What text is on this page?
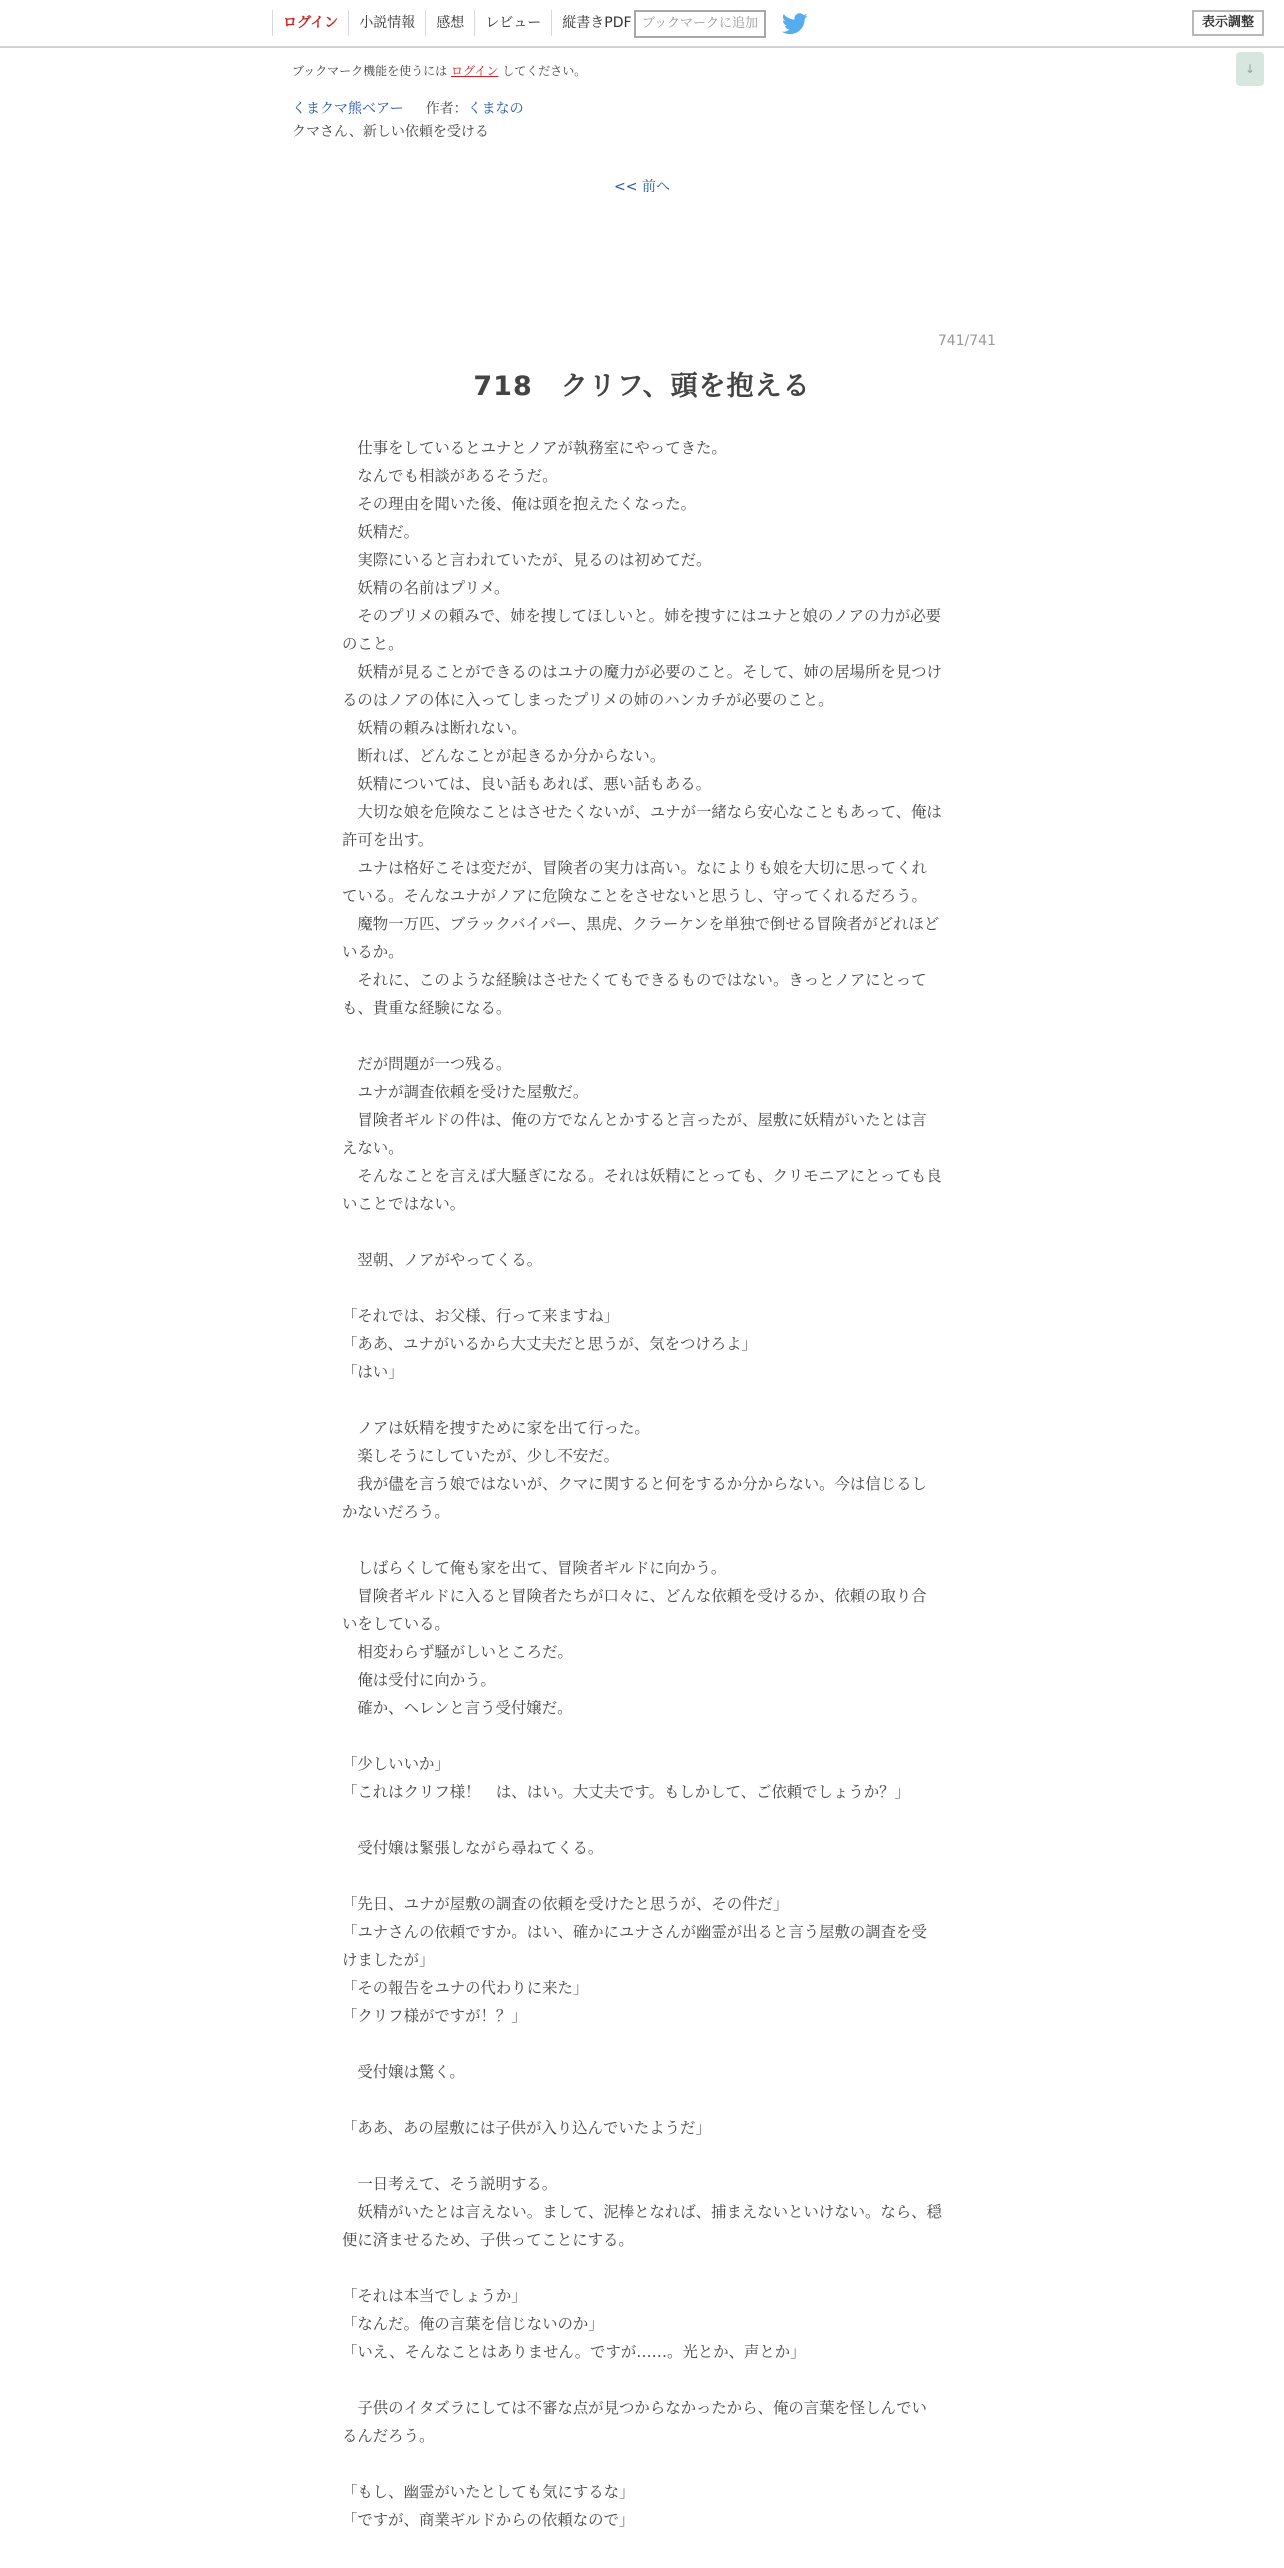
ログイン	小説情報	感想	レビュー	縦書きPDF ブックマークに追加	表示調整
↓
ブックマーク機能を使うには ログイン してください。
くまクマ熊ベアー 作者：くまなの
クマさん、新しい依頼を受ける
<< 前へ
741/741
718　クリフ、頭を抱える

　仕事をしているとユナとノアが執務室にやってきた。

　なんでも相談があるそうだ。

　その理由を聞いた後、俺は頭を抱えたくなった。

　妖精だ。

　実際にいると言われていたが、見るのは初めてだ。

　妖精の名前はプリメ。

　そのプリメの頼みで、姉を捜してほしいと。姉を捜すにはユナと娘のノアの力が必要のこと。

　妖精が見ることができるのはユナの魔力が必要のこと。そして、姉の居場所を見つけるのはノアの体に入ってしまったプリメの姉のハンカチが必要のこと。

　妖精の頼みは断れない。

　断れば、どんなことが起きるか分からない。

　妖精については、良い話もあれば、悪い話もある。

　大切な娘を危険なことはさせたくないが、ユナが一緒なら安心なこともあって、俺は許可を出す。

　ユナは格好こそは変だが、冒険者の実力は高い。なによりも娘を大切に思ってくれている。そんなユナがノアに危険なことをさせないと思うし、守ってくれるだろう。

　魔物一万匹、ブラックバイパー、黒虎、クラーケンを単独で倒せる冒険者がどれほどいるか。

　それに、このような経験はさせたくてもできるものではない。きっとノアにとっても、貴重な経験になる。

　だが問題が一つ残る。

　ユナが調査依頼を受けた屋敷だ。

　冒険者ギルドの件は、俺の方でなんとかすると言ったが、屋敷に妖精がいたとは言えない。

　そんなことを言えば大騒ぎになる。それは妖精にとっても、クリモニアにとっても良いことではない。

　翌朝、ノアがやってくる。

「それでは、お父様、行って来ますね」

「ああ、ユナがいるから大丈夫だと思うが、気をつけろよ」

「はい」

　ノアは妖精を捜すために家を出て行った。

　楽しそうにしていたが、少し不安だ。

　我が儘を言う娘ではないが、クマに関すると何をするか分からない。今は信じるしかないだろう。

　しばらくして俺も家を出て、冒険者ギルドに向かう。

　冒険者ギルドに入ると冒険者たちが口々に、どんな依頼を受けるか、依頼の取り合いをしている。

　相変わらず騒がしいところだ。

　俺は受付に向かう。

　確か、ヘレンと言う受付嬢だ。

「少しいいか」

「これはクリフ様！　は、はい。大丈夫です。もしかして、ご依頼でしょうか？」

　受付嬢は緊張しながら尋ねてくる。

「先日、ユナが屋敷の調査の依頼を受けたと思うが、その件だ」

「ユナさんの依頼ですか。はい、確かにユナさんが幽霊が出ると言う屋敷の調査を受けましたが」

「その報告をユナの代わりに来た」

「クリフ様がですが！？」

　受付嬢は驚く。

「ああ、あの屋敷には子供が入り込んでいたようだ」

　一日考えて、そう説明する。

　妖精がいたとは言えない。まして、泥棒となれば、捕まえないといけない。なら、穏便に済ませるため、子供ってことにする。

「それは本当でしょうか」

「なんだ。俺の言葉を信じないのか」

「いえ、そんなことはありません。ですが……。光とか、声とか」

　子供のイタズラにしては不審な点が見つからなかったから、俺の言葉を怪しんでいるんだろう。

「もし、幽霊がいたとしても気にするな」

「ですが、商業ギルドからの依頼なので」
